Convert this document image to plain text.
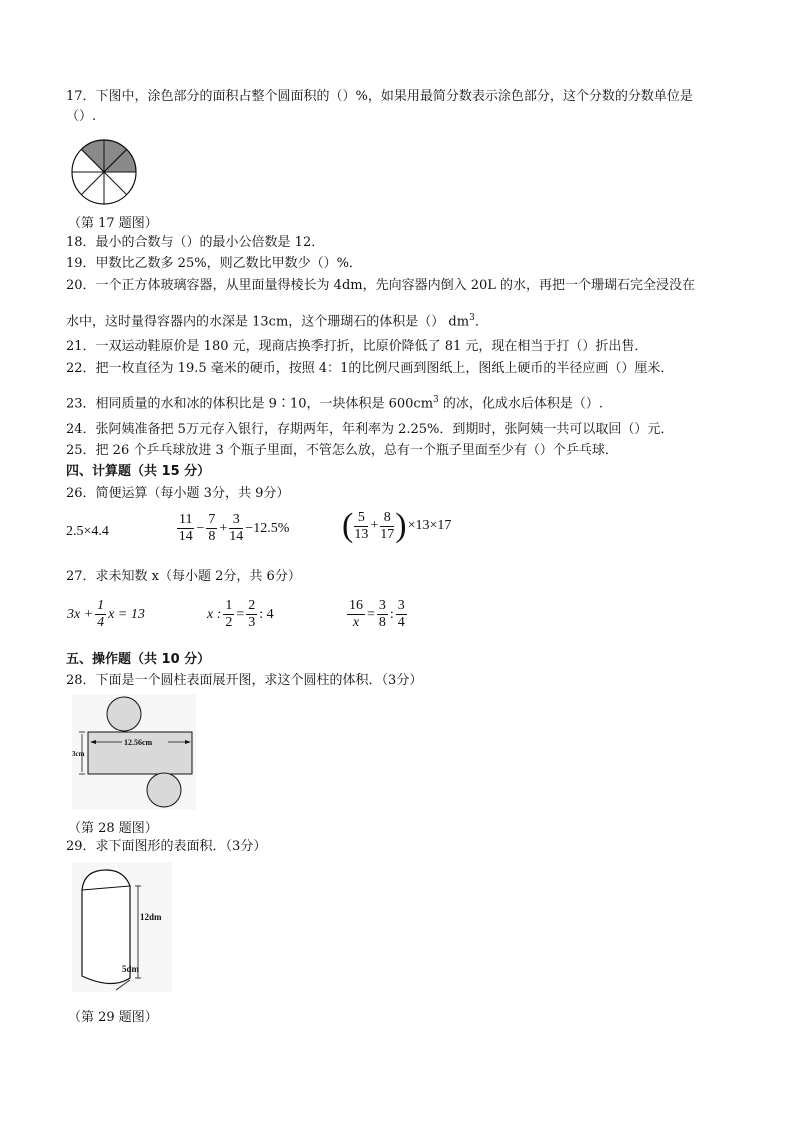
17．下图中，涂色部分的面积占整个圆面积的（）%，如果用最简分数表示涂色部分，这个分数的分数单位是
（）.
（第 17 题图）
18．最小的合数与（）的最小公倍数是 12．
19．甲数比乙数多 25%，则乙数比甲数少（）%．
20．一个正方体玻璃容器，从里面量得棱长为 4dm，先向容器内倒入 20L 的水，再把一个珊瑚石完全浸没在
水中，这时量得容器内的水深是 13cm，这个珊瑚石的体积是（） $dm^3$．
21．一双运动鞋原价是 180 元，现商店换季打折，比原价降低了 81 元，现在相当于打（）折出售．
22．把一枚直径为 19.5 毫米的硬币，按照 4：1的比例尺画到图纸上，图纸上硬币的半径应画（）厘米．
23．相同质量的水和冰的体积比是 9∶10，一块体积是 $600cm^3$ 的冰，化成水后体积是（）.
24．张阿姨准备把 5万元存入银行，存期两年，年利率为 2.25%．到期时，张阿姨一共可以取回（）元．
25．把 26 个乒乓球放进 3 个瓶子里面，不管怎么放，总有一个瓶子里面至少有（）个乒乓球．
四、计算题（共 15 分）
26．简便运算（每小题 3分，共 9分）
2.5×4.4	$\frac{11}{14} - \frac{7}{8} + \frac{3}{14} -12.5\%$ ( $\frac{5}{13} + \frac{8}{17} )\times 13\times 17$
27．求未知数 x（每小题 2分，共 6分）
$3x + \frac{1}{4}$ x = 13	x : $\frac{1}{2} = \frac{2}{3}$ : 4	$\frac{16}{x} = \frac{3}{8}$ : $\frac{3}{4}$
五、操作题（共 10 分）
28．下面是一个圆柱表面展开图，求这个圆柱的体积．（3分）
12.56cm
3cm
（第 28 题图）
29．求下面图形的表面积．（3分）
12dm
5dm
（第 29 题图）
